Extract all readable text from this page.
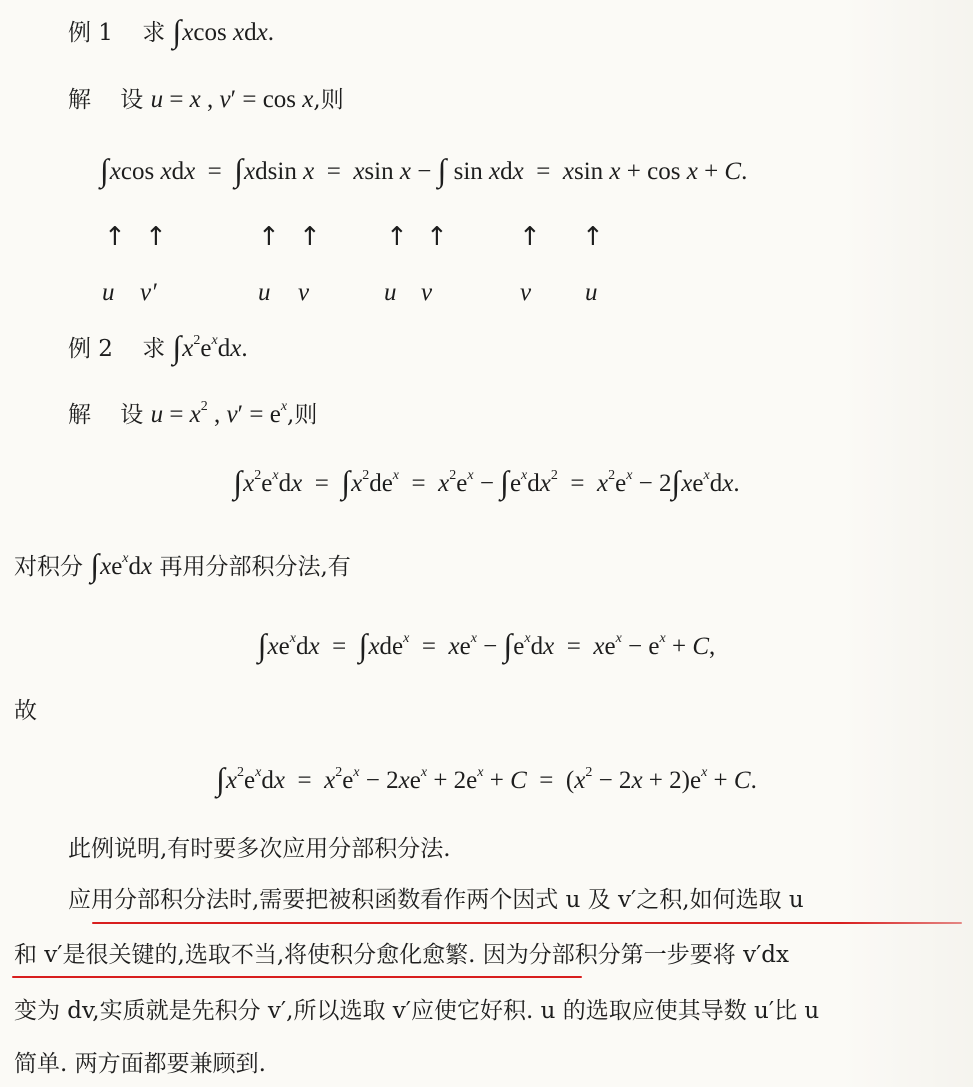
例 1 求 ∫xcos xdx.
解 设 u = x , v′ = cos x,则
∫xcos xdx  =  ∫xdsin x  =  xsin x − ∫ sin xdx  =  xsin x + cos x + C.
↑ ↑	↑ ↑	↑ ↑	↑ ↑
u v′	u v	u v	v u
例 2 求 $\int x^2e^xdx$.
解 设 $u = x^2$ , $v' = e^x$,则
$\int x^2e^xdx = \int x^2de^x = x^2e^x - \int e^xdx^2 = x^2e^x - 2\int xe^xdx$.
对积分 $\int xe^xdx$ 再用分部积分法,有
$\int xe^xdx = \int xde^x = xe^x - \int e^xdx = xe^x - e^x + C$,
故
$\int x^2e^xdx = x^2e^x - 2xe^x + 2e^x + C = (x^2 - 2x + 2)e^x + C$.
此例说明,有时要多次应用分部积分法.
应用分部积分法时,需要把被积函数看作两个因式 u 及 v′之积,如何选取 u
和 v′是很关键的,选取不当,将使积分愈化愈繁. 因为分部积分第一步要将 v′dx
变为 dv,实质就是先积分 v′,所以选取 v′应使它好积. u 的选取应使其导数 u′比 u
简单. 两方面都要兼顾到.
